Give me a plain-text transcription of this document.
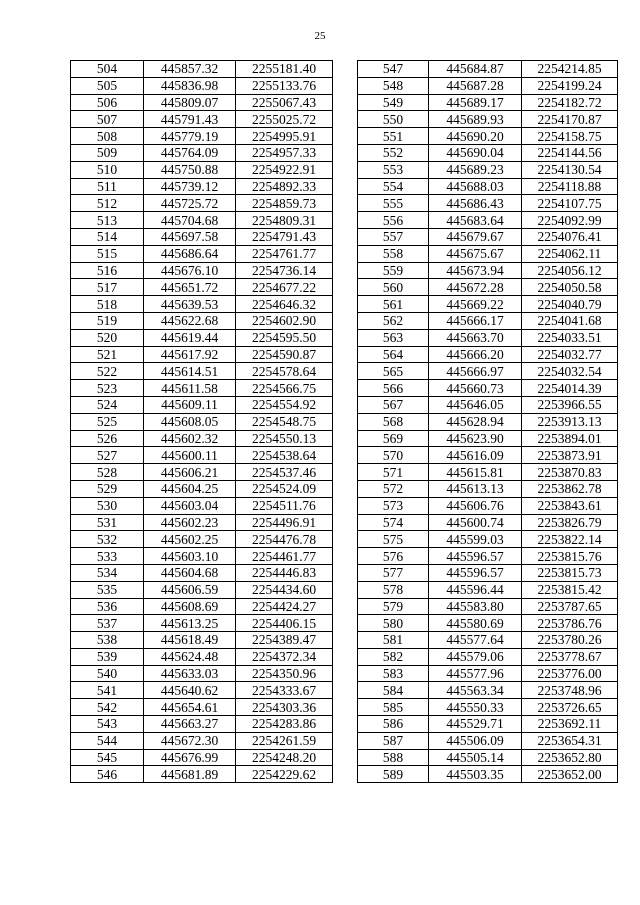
25
504	445857.32	2255181.40
505	445836.98	2255133.76
506	445809.07	2255067.43
507	445791.43	2255025.72
508	445779.19	2254995.91
509	445764.09	2254957.33
510	445750.88	2254922.91
511	445739.12	2254892.33
512	445725.72	2254859.73
513	445704.68	2254809.31
514	445697.58	2254791.43
515	445686.64	2254761.77
516	445676.10	2254736.14
517	445651.72	2254677.22
518	445639.53	2254646.32
519	445622.68	2254602.90
520	445619.44	2254595.50
521	445617.92	2254590.87
522	445614.51	2254578.64
523	445611.58	2254566.75
524	445609.11	2254554.92
525	445608.05	2254548.75
526	445602.32	2254550.13
527	445600.11	2254538.64
528	445606.21	2254537.46
529	445604.25	2254524.09
530	445603.04	2254511.76
531	445602.23	2254496.91
532	445602.25	2254476.78
533	445603.10	2254461.77
534	445604.68	2254446.83
535	445606.59	2254434.60
536	445608.69	2254424.27
537	445613.25	2254406.15
538	445618.49	2254389.47
539	445624.48	2254372.34
540	445633.03	2254350.96
541	445640.62	2254333.67
542	445654.61	2254303.36
543	445663.27	2254283.86
544	445672.30	2254261.59
545	445676.99	2254248.20
546	445681.89	2254229.62
547	445684.87	2254214.85
548	445687.28	2254199.24
549	445689.17	2254182.72
550	445689.93	2254170.87
551	445690.20	2254158.75
552	445690.04	2254144.56
553	445689.23	2254130.54
554	445688.03	2254118.88
555	445686.43	2254107.75
556	445683.64	2254092.99
557	445679.67	2254076.41
558	445675.67	2254062.11
559	445673.94	2254056.12
560	445672.28	2254050.58
561	445669.22	2254040.79
562	445666.17	2254041.68
563	445663.70	2254033.51
564	445666.20	2254032.77
565	445666.97	2254032.54
566	445660.73	2254014.39
567	445646.05	2253966.55
568	445628.94	2253913.13
569	445623.90	2253894.01
570	445616.09	2253873.91
571	445615.81	2253870.83
572	445613.13	2253862.78
573	445606.76	2253843.61
574	445600.74	2253826.79
575	445599.03	2253822.14
576	445596.57	2253815.76
577	445596.57	2253815.73
578	445596.44	2253815.42
579	445583.80	2253787.65
580	445580.69	2253786.76
581	445577.64	2253780.26
582	445579.06	2253778.67
583	445577.96	2253776.00
584	445563.34	2253748.96
585	445550.33	2253726.65
586	445529.71	2253692.11
587	445506.09	2253654.31
588	445505.14	2253652.80
589	445503.35	2253652.00
